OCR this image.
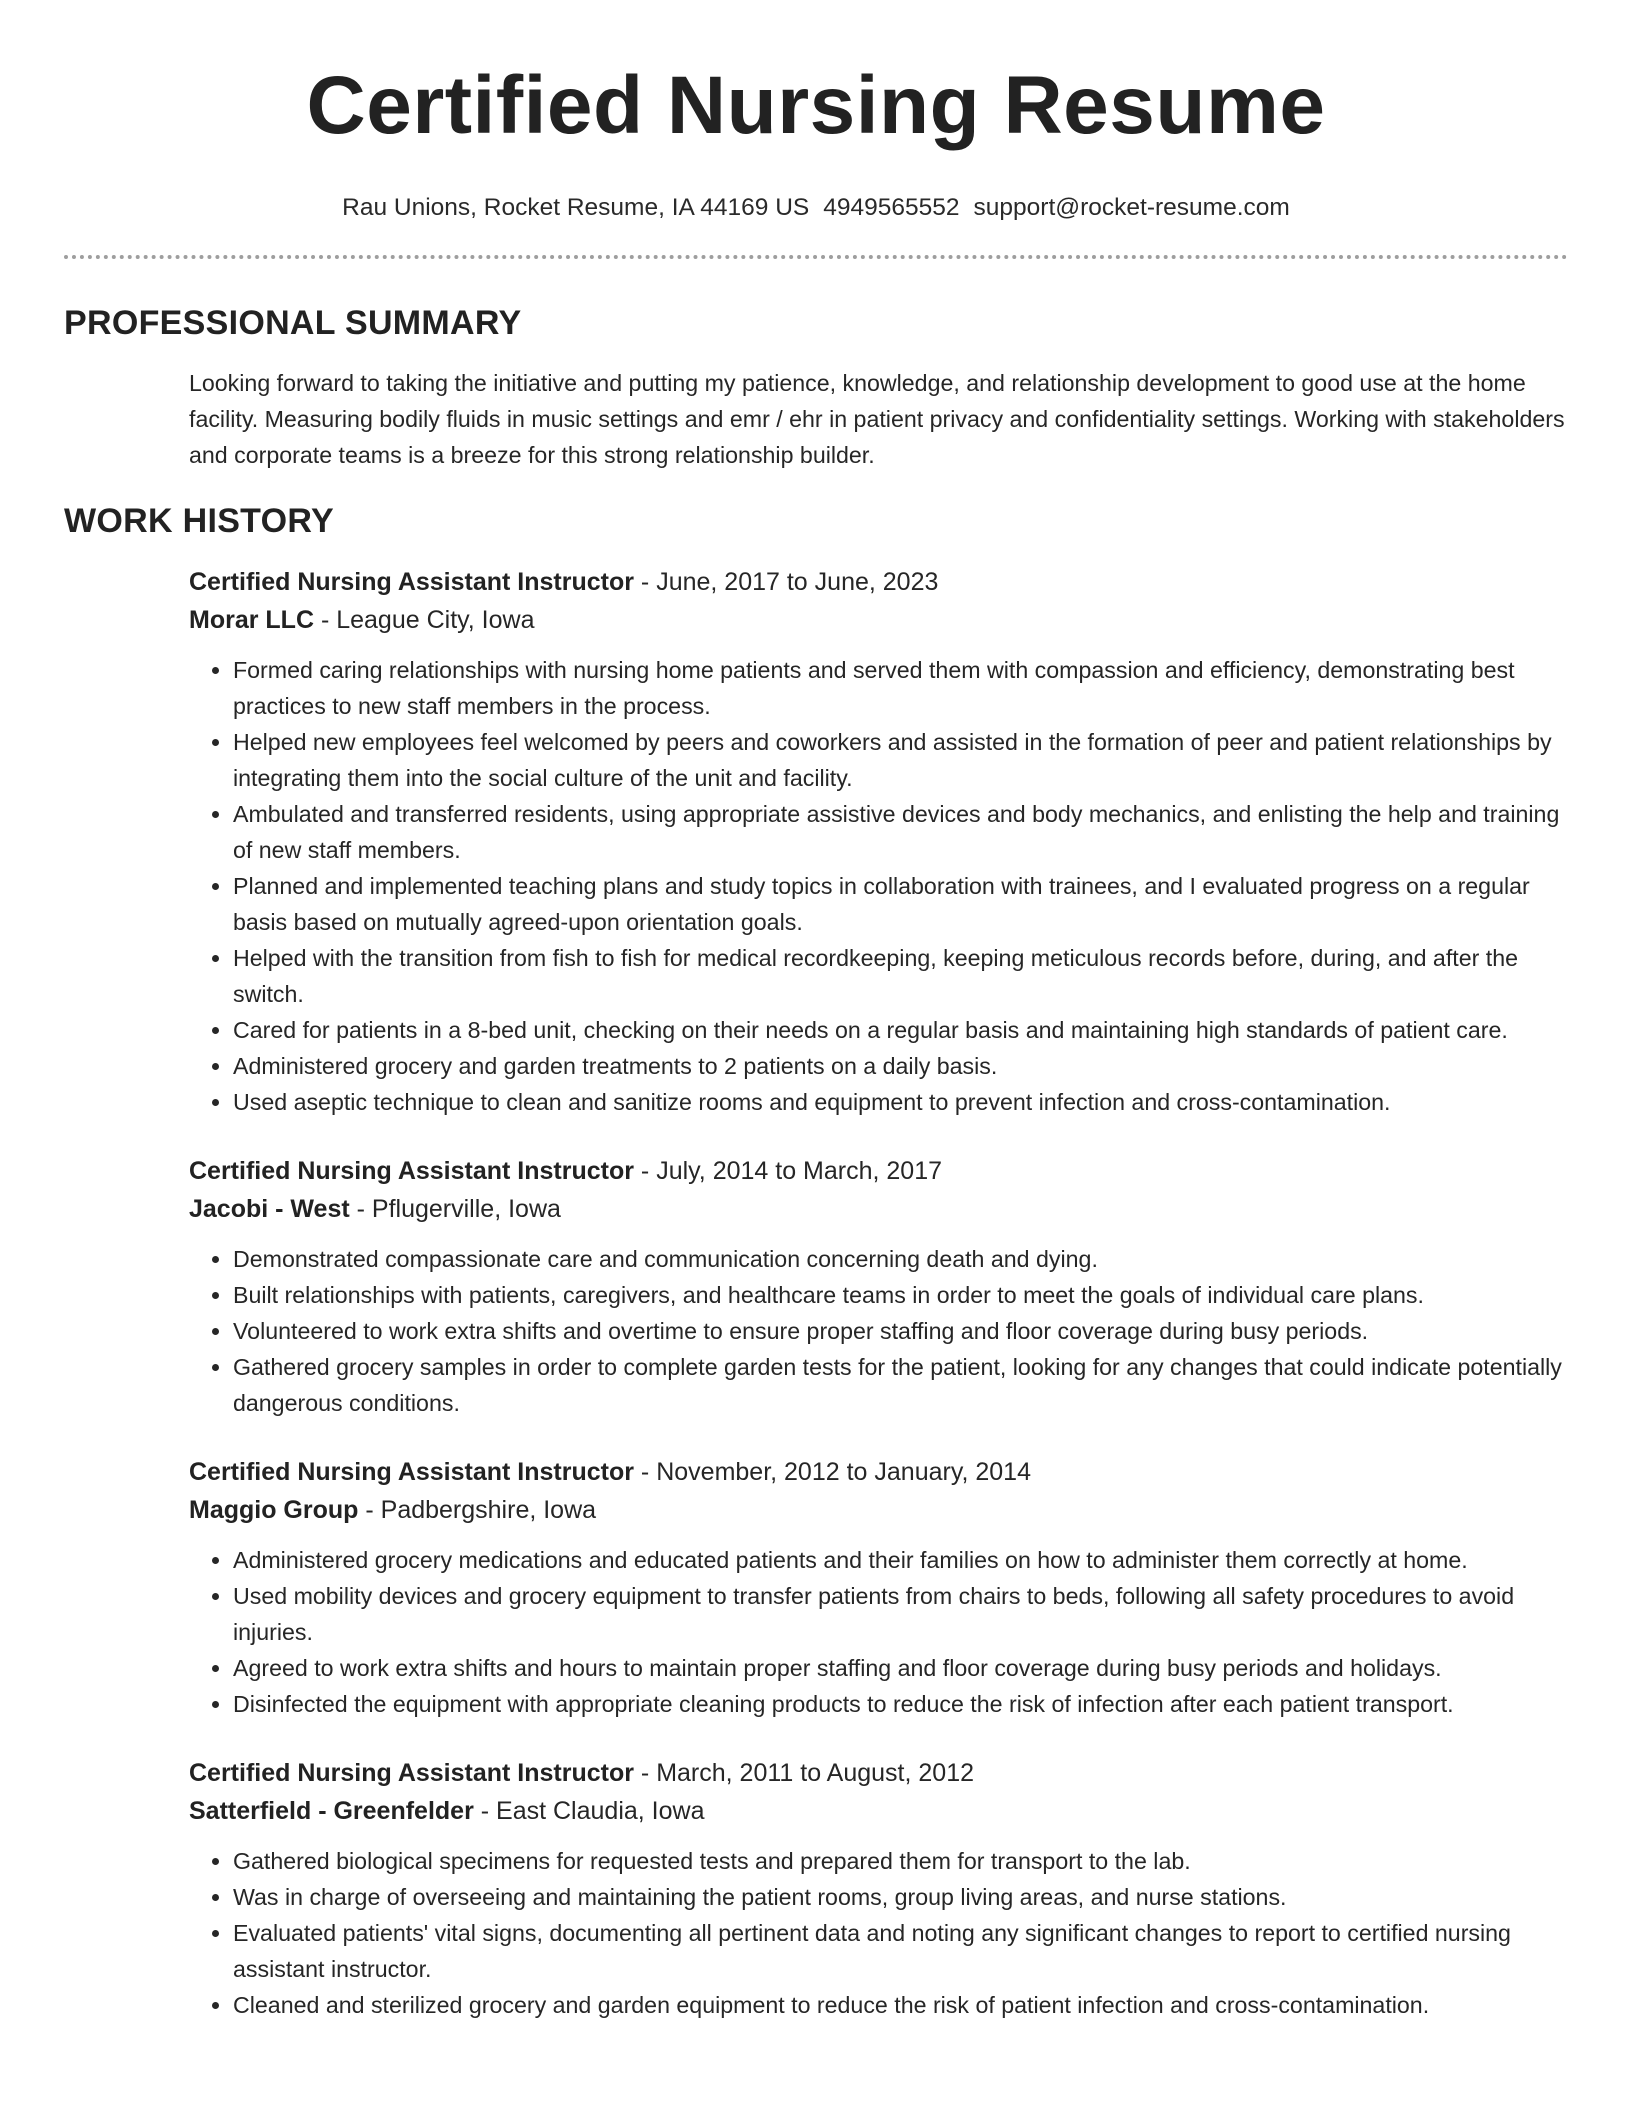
Certified Nursing Resume
Rau Unions, Rocket Resume, IA 44169 US 4949565552 support@rocket-resume.com
PROFESSIONAL SUMMARY

Looking forward to taking the initiative and putting my patience, knowledge, and relationship development to good use at the home facility. Measuring bodily fluids in music settings and emr / ehr in patient privacy and confidentiality settings. Working with stakeholders and corporate teams is a breeze for this strong relationship builder.

WORK HISTORY
Certified Nursing Assistant Instructor - June, 2017 to June, 2023
Morar LLC - League City, Iowa
• Formed caring relationships with nursing home patients and served them with compassion and efficiency, demonstrating best practices to new staff members in the process.
• Helped new employees feel welcomed by peers and coworkers and assisted in the formation of peer and patient relationships by integrating them into the social culture of the unit and facility.
• Ambulated and transferred residents, using appropriate assistive devices and body mechanics, and enlisting the help and training of new staff members.
• Planned and implemented teaching plans and study topics in collaboration with trainees, and I evaluated progress on a regular basis based on mutually agreed-upon orientation goals.
• Helped with the transition from fish to fish for medical recordkeeping, keeping meticulous records before, during, and after the switch.
• Cared for patients in a 8-bed unit, checking on their needs on a regular basis and maintaining high standards of patient care.
• Administered grocery and garden treatments to 2 patients on a daily basis.
• Used aseptic technique to clean and sanitize rooms and equipment to prevent infection and cross-contamination.
Certified Nursing Assistant Instructor - July, 2014 to March, 2017
Jacobi - West - Pflugerville, Iowa
• Demonstrated compassionate care and communication concerning death and dying.
• Built relationships with patients, caregivers, and healthcare teams in order to meet the goals of individual care plans.
• Volunteered to work extra shifts and overtime to ensure proper staffing and floor coverage during busy periods.
• Gathered grocery samples in order to complete garden tests for the patient, looking for any changes that could indicate potentially dangerous conditions.
Certified Nursing Assistant Instructor - November, 2012 to January, 2014
Maggio Group - Padbergshire, Iowa
• Administered grocery medications and educated patients and their families on how to administer them correctly at home.
• Used mobility devices and grocery equipment to transfer patients from chairs to beds, following all safety procedures to avoid injuries.
• Agreed to work extra shifts and hours to maintain proper staffing and floor coverage during busy periods and holidays.
• Disinfected the equipment with appropriate cleaning products to reduce the risk of infection after each patient transport.
Certified Nursing Assistant Instructor - March, 2011 to August, 2012
Satterfield - Greenfelder - East Claudia, Iowa
• Gathered biological specimens for requested tests and prepared them for transport to the lab.
• Was in charge of overseeing and maintaining the patient rooms, group living areas, and nurse stations.
• Evaluated patients' vital signs, documenting all pertinent data and noting any significant changes to report to certified nursing assistant instructor.
• Cleaned and sterilized grocery and garden equipment to reduce the risk of patient infection and cross-contamination.
